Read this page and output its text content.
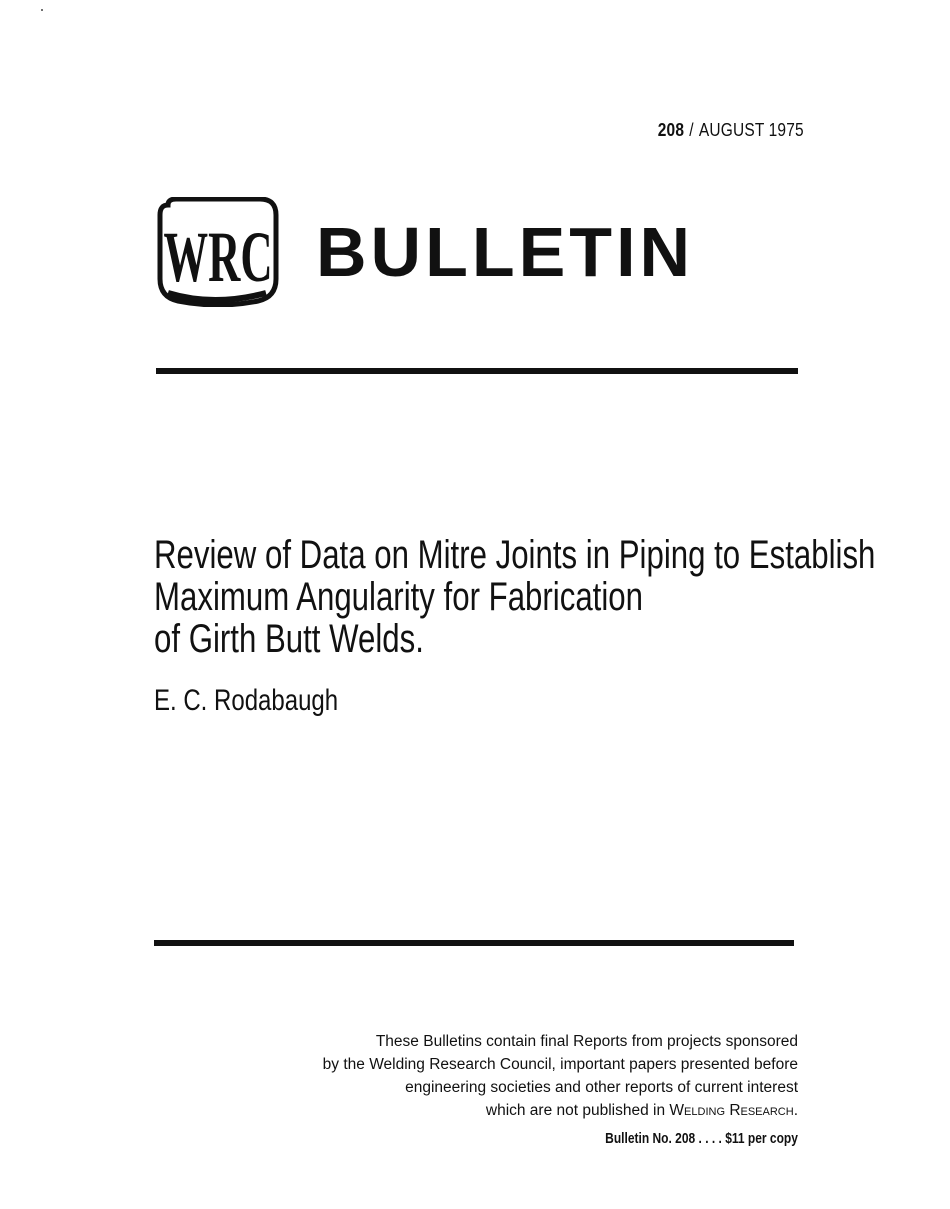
208 / AUGUST 1975
WRC BULLETIN
Review of Data on Mitre Joints in Piping to Establish
Maximum Angularity for Fabrication
of Girth Butt Welds.
E. C. Rodabaugh
These Bulletins contain final Reports from projects sponsored
by the Welding Research Council, important papers presented before
engineering societies and other reports of current interest
which are not published in Welding Research.
Bulletin No. 208 . . . . $11 per copy
